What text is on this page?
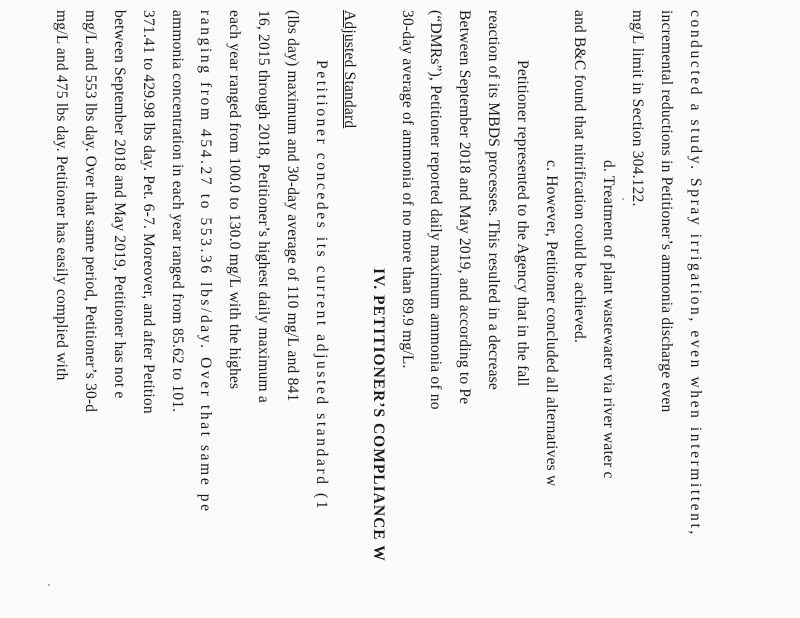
conducted a study. Spray irrigation, even when intermittent,
incremental reductions in Petitioner’s ammonia discharge even
mg/L limit in Section 304.122.
d. Treatment of plant wastewater via river water c
and B&C found that nitrification could be achieved.
c. However, Petitioner concluded all alternatives w
Petitioner represented to the Agency that in the fall
reaction of its MBDS processes. This resulted in a decrease
Between September 2018 and May 2019, and according to Pe
(“DMRs”), Petitioner reported daily maximum ammonia of no
30-day average of ammonia of no more than 89.9 mg/L.
IV. PETITIONER’S COMPLIANCE W
Adjusted Standard
Petitioner concedes its current adjusted standard (1
(lbs day) maximum and 30-day average of 110 mg/L and 841
16, 2015 through 2018, Petitioner’s highest daily maximum a
each year ranged from 100.0 to 130.0 mg/L with the highes
ranging from 454.27 to 553.36 lbs/day. Over that same pe
ammonia concentration in each year ranged from 85.62 to 101.
371.41 to 429.98 lbs day. Pet. 6-7. Moreover, and after Petition
between September 2018 and May 2019, Petitioner has not e
mg/L and 553 lbs day. Over that same period, Petitioner’s 30-d
mg/L and 475 lbs day. Petitioner has easily complied with
